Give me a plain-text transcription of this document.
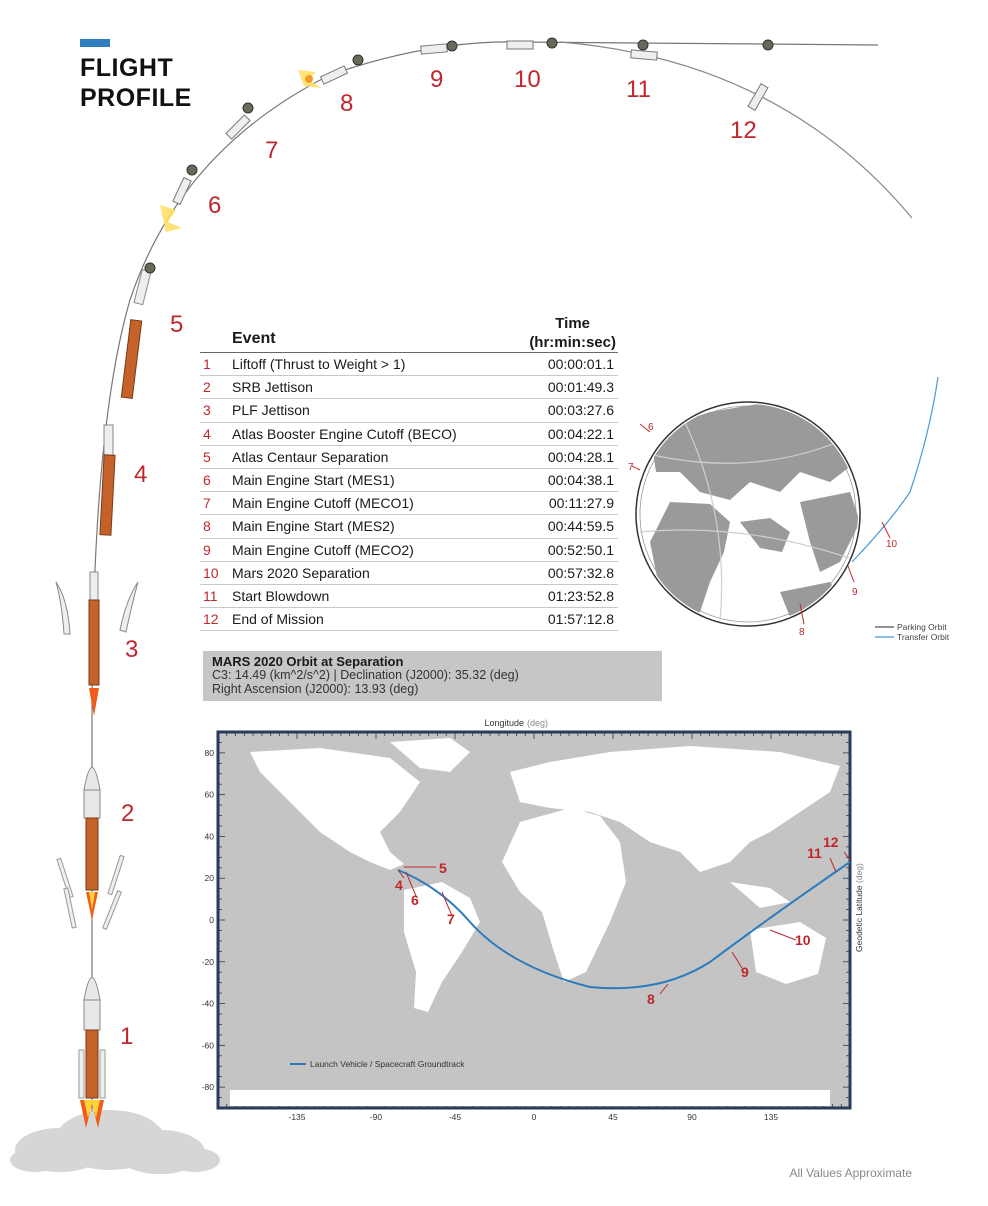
FLIGHT
PROFILE
1
2
3
4
5
6
7
8
9	10	11
12
Event
Time
(hr:min:sec)
1 Liftoff (Thrust to Weight > 1)	00:00:01.1
2 SRB Jettison	00:01:49.3
3 PLF Jettison	00:03:27.6
4 Atlas Booster Engine Cutoff (BECO)	00:04:22.1
5 Atlas Centaur Separation	00:04:28.1
6 Main Engine Start (MES1)	00:04:38.1
7 Main Engine Cutoff (MECO1)	00:11:27.9
8 Main Engine Start (MES2)	00:44:59.5
9 Main Engine Cutoff (MECO2)	00:52:50.1
10 Mars 2020 Separation	00:57:32.8
11 Start Blowdown	01:23:52.8
12 End of Mission	01:57:12.8
6
7
8
9
10
Parking Orbit
Transfer Orbit
MARS 2020 Orbit at Separation
C3: 14.49 (km^2/s^2) | Declination (J2000): 35.32 (deg)
Right Ascension (J2000): 13.93 (deg)
Longitude (deg)
4
5
6
7
8
9
10
11
12
Launch Vehicle / Spacecraft Groundtrack
80
60
40
20
0
-20
-40
-60
-80
-135	-90	-45	0	45	90	135
Geodetic Latitude (deg)
All Values Approximate
